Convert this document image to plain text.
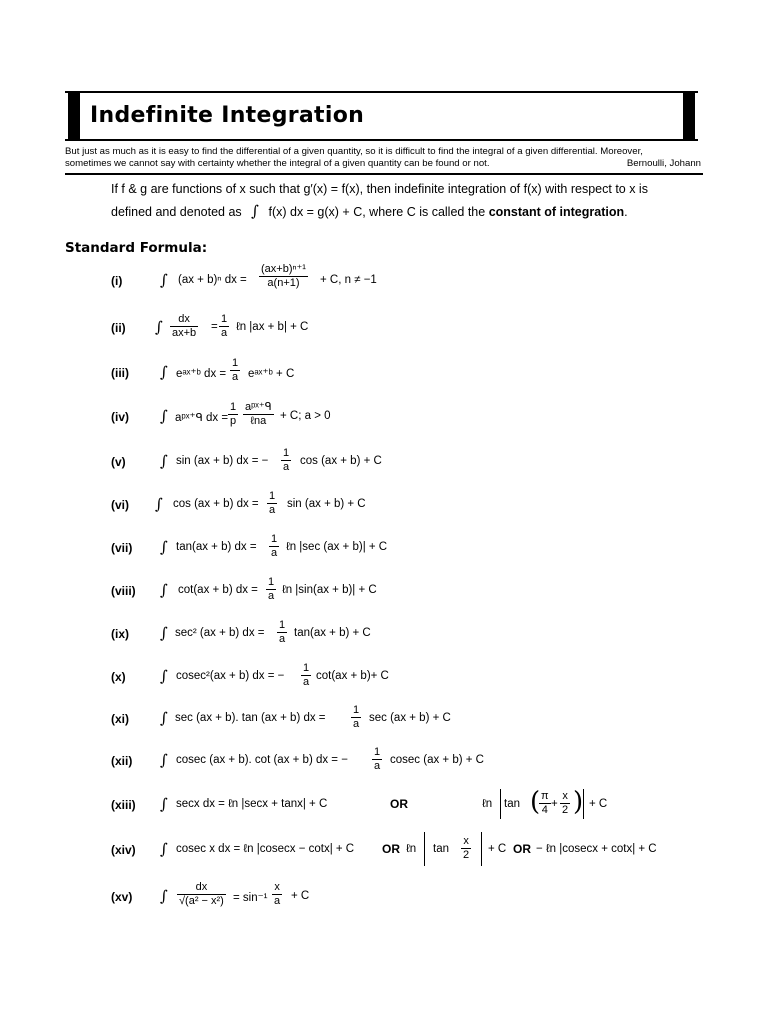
Indefinite Integration
But just as much as it is easy to find the differential of a given quantity, so it is difficult to find the integral of a given differential. Moreover,
sometimes we cannot say with certainty whether the integral of a given quantity can be found or not.	Bernoulli, Johann
If f & g are functions of x such that g′(x) = f(x), then indefinite integration of f(x) with respect to x is
defined and denoted as ∫ f(x) dx = g(x) + C, where C is called the constant of integration.
Standard Formula:
(i)	∫ (ax + b)ⁿ dx = $\frac{\text{(ax+b)ⁿ⁺¹}}{a(n+1)} + C$, n ≠ −1
(ii) ∫ $\frac{dx}{ax+b} = \frac{1}{a}$ ℓn |ax + b| + C
(iii) ∫ eᵃˣ⁺ᵇ dx = $\frac{1}{a}$ eᵃˣ⁺ᵇ + C
(iv) ∫ aᵖˣ⁺ᑫ dx = $\frac{1}{p}$ aᵖˣ⁺ᑫ
ℓna	+ C; a > 0
(v) ∫ sin (ax + b) dx = − $\frac{1}{a}$ cos (ax + b) + C
(vi) ∫ cos (ax + b) dx = $\frac{1}{a}$ sin (ax + b) + C
(vii) ∫ tan(ax + b) dx = $\frac{1}{a}$ ℓn |sec (ax + b)| + C
(viii) ∫ cot(ax + b) dx = $\frac{1}{a}$ ℓn |sin(ax + b)| + C
(ix) ∫ sec² (ax + b) dx = $\frac{1}{a} \tan(ax + b) + C$
(x) ∫ cosec²(ax + b) dx = − $\frac{1}{a} \cot(ax + b)+ C$
(xi) ∫ sec (ax + b). tan (ax + b) dx = $\frac{1}{a}$ sec (ax + b) + C
(xii) ∫ cosec (ax + b). cot (ax + b) dx = − $\frac{1}{a}$ cosec (ax + b) + C
(xiii) ∫ secx dx = ℓn |secx + tanx| + C	OR	ℓn tan (
$\frac{\pi}{4} + \frac{x}{2}$ ) + C
(xiv) ∫ cosec x dx = ℓn |cosecx − cotx| + C OR ℓn $\tan \frac{x}{2} + C$ OR − ℓn |cosecx + cotx| + C
(xv) ∫ $\frac{dx}{\text{√(a² − x²)}} = \sin^{-1} \frac{x}{a} + C$
